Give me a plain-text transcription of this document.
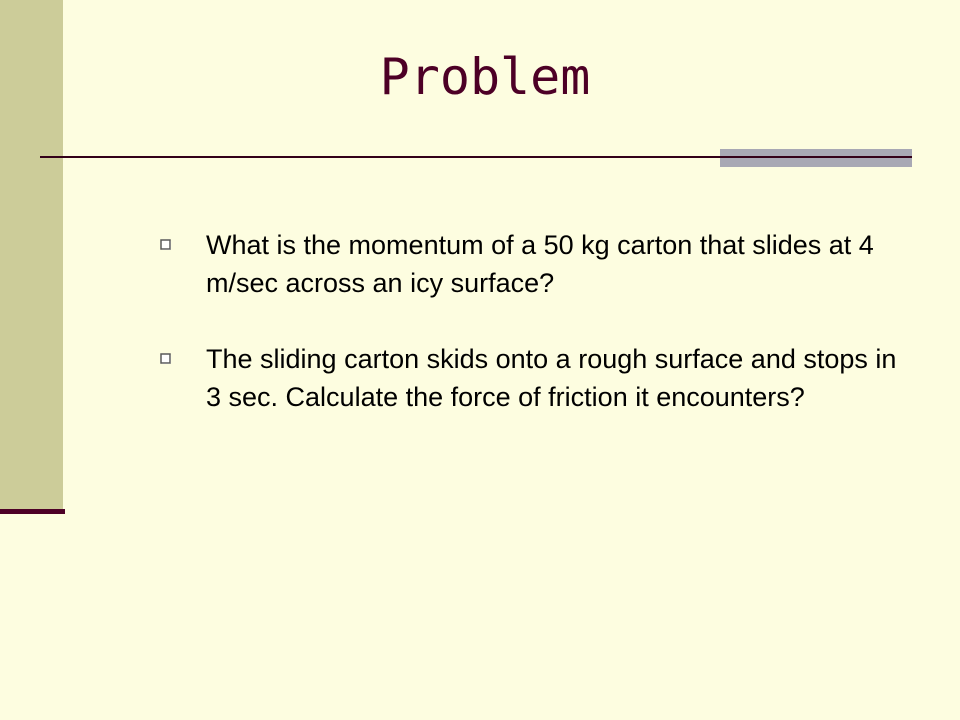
Problem
What is the momentum of a 50 kg carton that slides at 4 m/sec across an icy surface?
The sliding carton skids onto a rough surface and stops in 3 sec. Calculate the force of friction it encounters?
